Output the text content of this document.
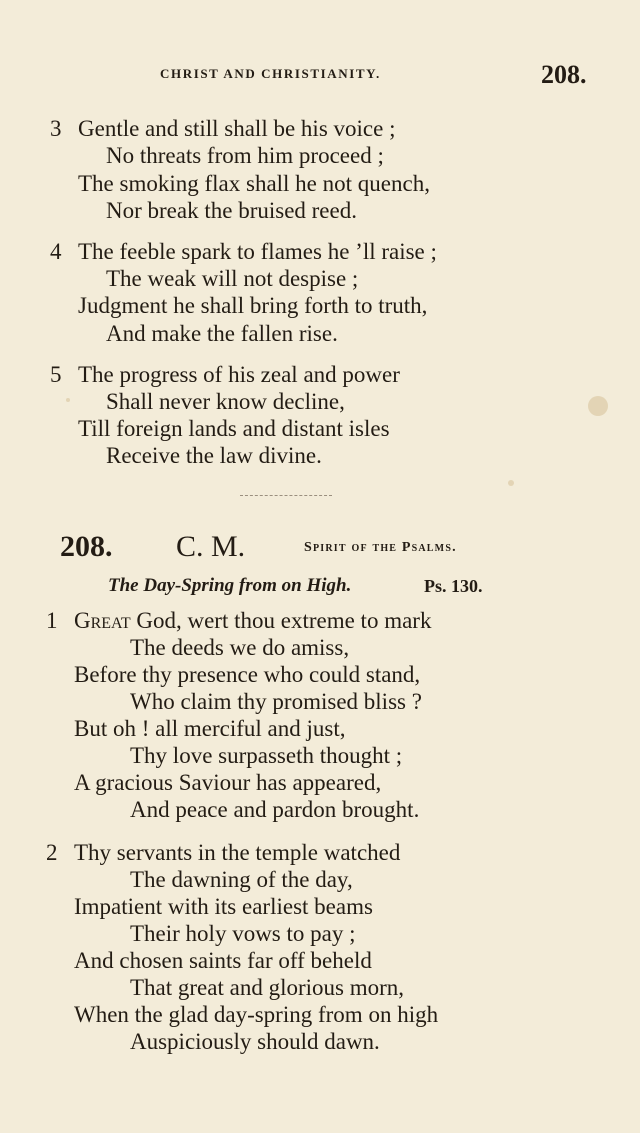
CHRIST AND CHRISTIANITY.	208.
3 Gentle and still shall be his voice ;
No threats from him proceed ;
The smoking flax shall he not quench,
Nor break the bruised reed.
4 The feeble spark to flames he ’ll raise ;
The weak will not despise ;
Judgment he shall bring forth to truth,
And make the fallen rise.
5 The progress of his zeal and power
Shall never know decline,
Till foreign lands and distant isles
Receive the law divine.
208. C. M.	Spirit of the Psalms.
The Day-Spring from on High.	Ps. 130.
1 Great God, wert thou extreme to mark
The deeds we do amiss,
Before thy presence who could stand,
Who claim thy promised bliss ?
But oh ! all merciful and just,
Thy love surpasseth thought ;
A gracious Saviour has appeared,
And peace and pardon brought.
2 Thy servants in the temple watched
The dawning of the day,
Impatient with its earliest beams
Their holy vows to pay ;
And chosen saints far off beheld
That great and glorious morn,
When the glad day-spring from on high
Auspiciously should dawn.
